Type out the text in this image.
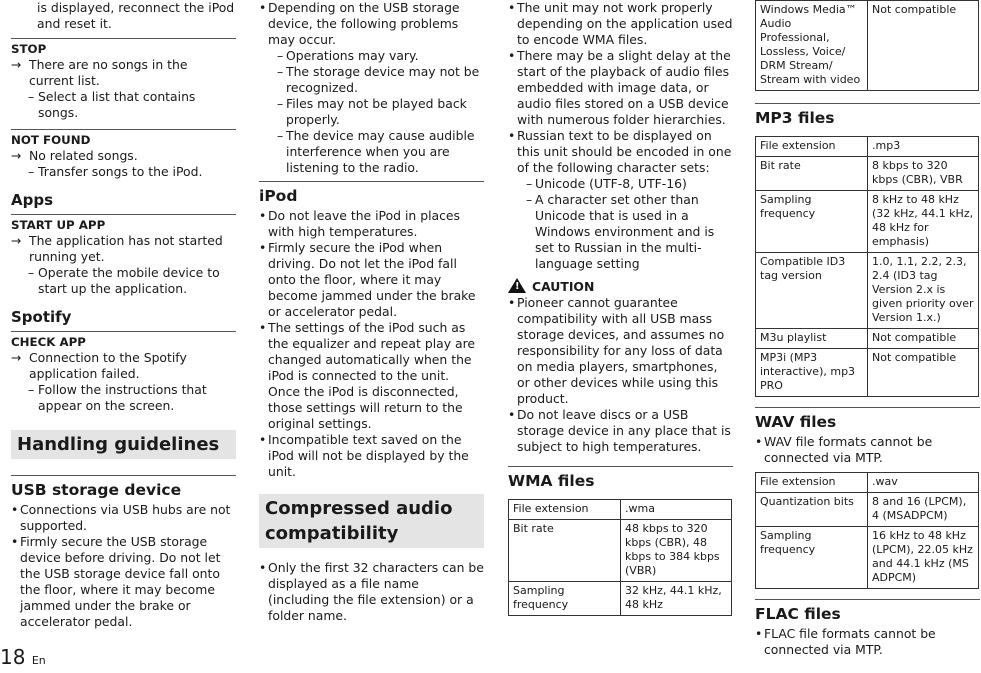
is displayed, reconnect the iPod and reset it.

STOP
→ There are no songs in the current list.
– Select a list that contains songs.
NOT FOUND
→ No related songs.
– Transfer songs to the iPod.
Apps
START UP APP
→ The application has not started running yet.
– Operate the mobile device to start up the application.
Spotify
CHECK APP
→ Connection to the Spotify application failed.
– Follow the instructions that appear on the screen.
Handling guidelines
USB storage device
• Connections via USB hubs are not supported.
• Firmly secure the USB storage device before driving. Do not let the USB storage device fall onto the floor, where it may become jammed under the brake or accelerator pedal.
• Depending on the USB storage device, the following problems may occur.
– Operations may vary.
– The storage device may not be recognized.
– Files may not be played back properly.
– The device may cause audible interference when you are listening to the radio.
iPod
• Do not leave the iPod in places with high temperatures.
• Firmly secure the iPod when driving. Do not let the iPod fall onto the floor, where it may become jammed under the brake or accelerator pedal.
• The settings of the iPod such as the equalizer and repeat play are changed automatically when the iPod is connected to the unit. Once the iPod is disconnected, those settings will return to the original settings.
• Incompatible text saved on the iPod will not be displayed by the unit.
Compressed audio compatibility
• Only the first 32 characters can be displayed as a file name (including the file extension) or a folder name.
• The unit may not work properly depending on the application used to encode WMA files.
• There may be a slight delay at the start of the playback of audio files embedded with image data, or audio files stored on a USB device with numerous folder hierarchies.
• Russian text to be displayed on this unit should be encoded in one of the following character sets:
– Unicode (UTF-8, UTF-16)
– A character set other than Unicode that is used in a Windows environment and is set to Russian in the multi-language setting
! CAUTION
• Pioneer cannot guarantee compatibility with all USB mass storage devices, and assumes no responsibility for any loss of data on media players, smartphones, or other devices while using this product.
• Do not leave discs or a USB storage device in any place that is subject to high temperatures.
WMA files
File extension	.wma
Bit rate	48 kbps to 320 kbps (CBR), 48 kbps to 384 kbps (VBR)
Sampling frequency	32 kHz, 44.1 kHz, 48 kHz
Windows Media™ Audio Professional, Lossless, Voice/ DRM Stream/ Stream with video	Not compatible
MP3 files
File extension	.mp3
Bit rate	8 kbps to 320 kbps (CBR), VBR
Sampling frequency	8 kHz to 48 kHz (32 kHz, 44.1 kHz, 48 kHz for emphasis)
Compatible ID3 tag version	1.0, 1.1, 2.2, 2.3, 2.4 (ID3 tag Version 2.x is given priority over Version 1.x.)
M3u playlist	Not compatible
MP3i (MP3 interactive), mp3 PRO	Not compatible
WAV files
• WAV file formats cannot be connected via MTP.
File extension	.wav
Quantization bits	8 and 16 (LPCM), 4 (MSADPCM)
Sampling frequency	16 kHz to 48 kHz (LPCM), 22.05 kHz and 44.1 kHz (MS ADPCM)
FLAC files
• FLAC file formats cannot be connected via MTP.
18 En
